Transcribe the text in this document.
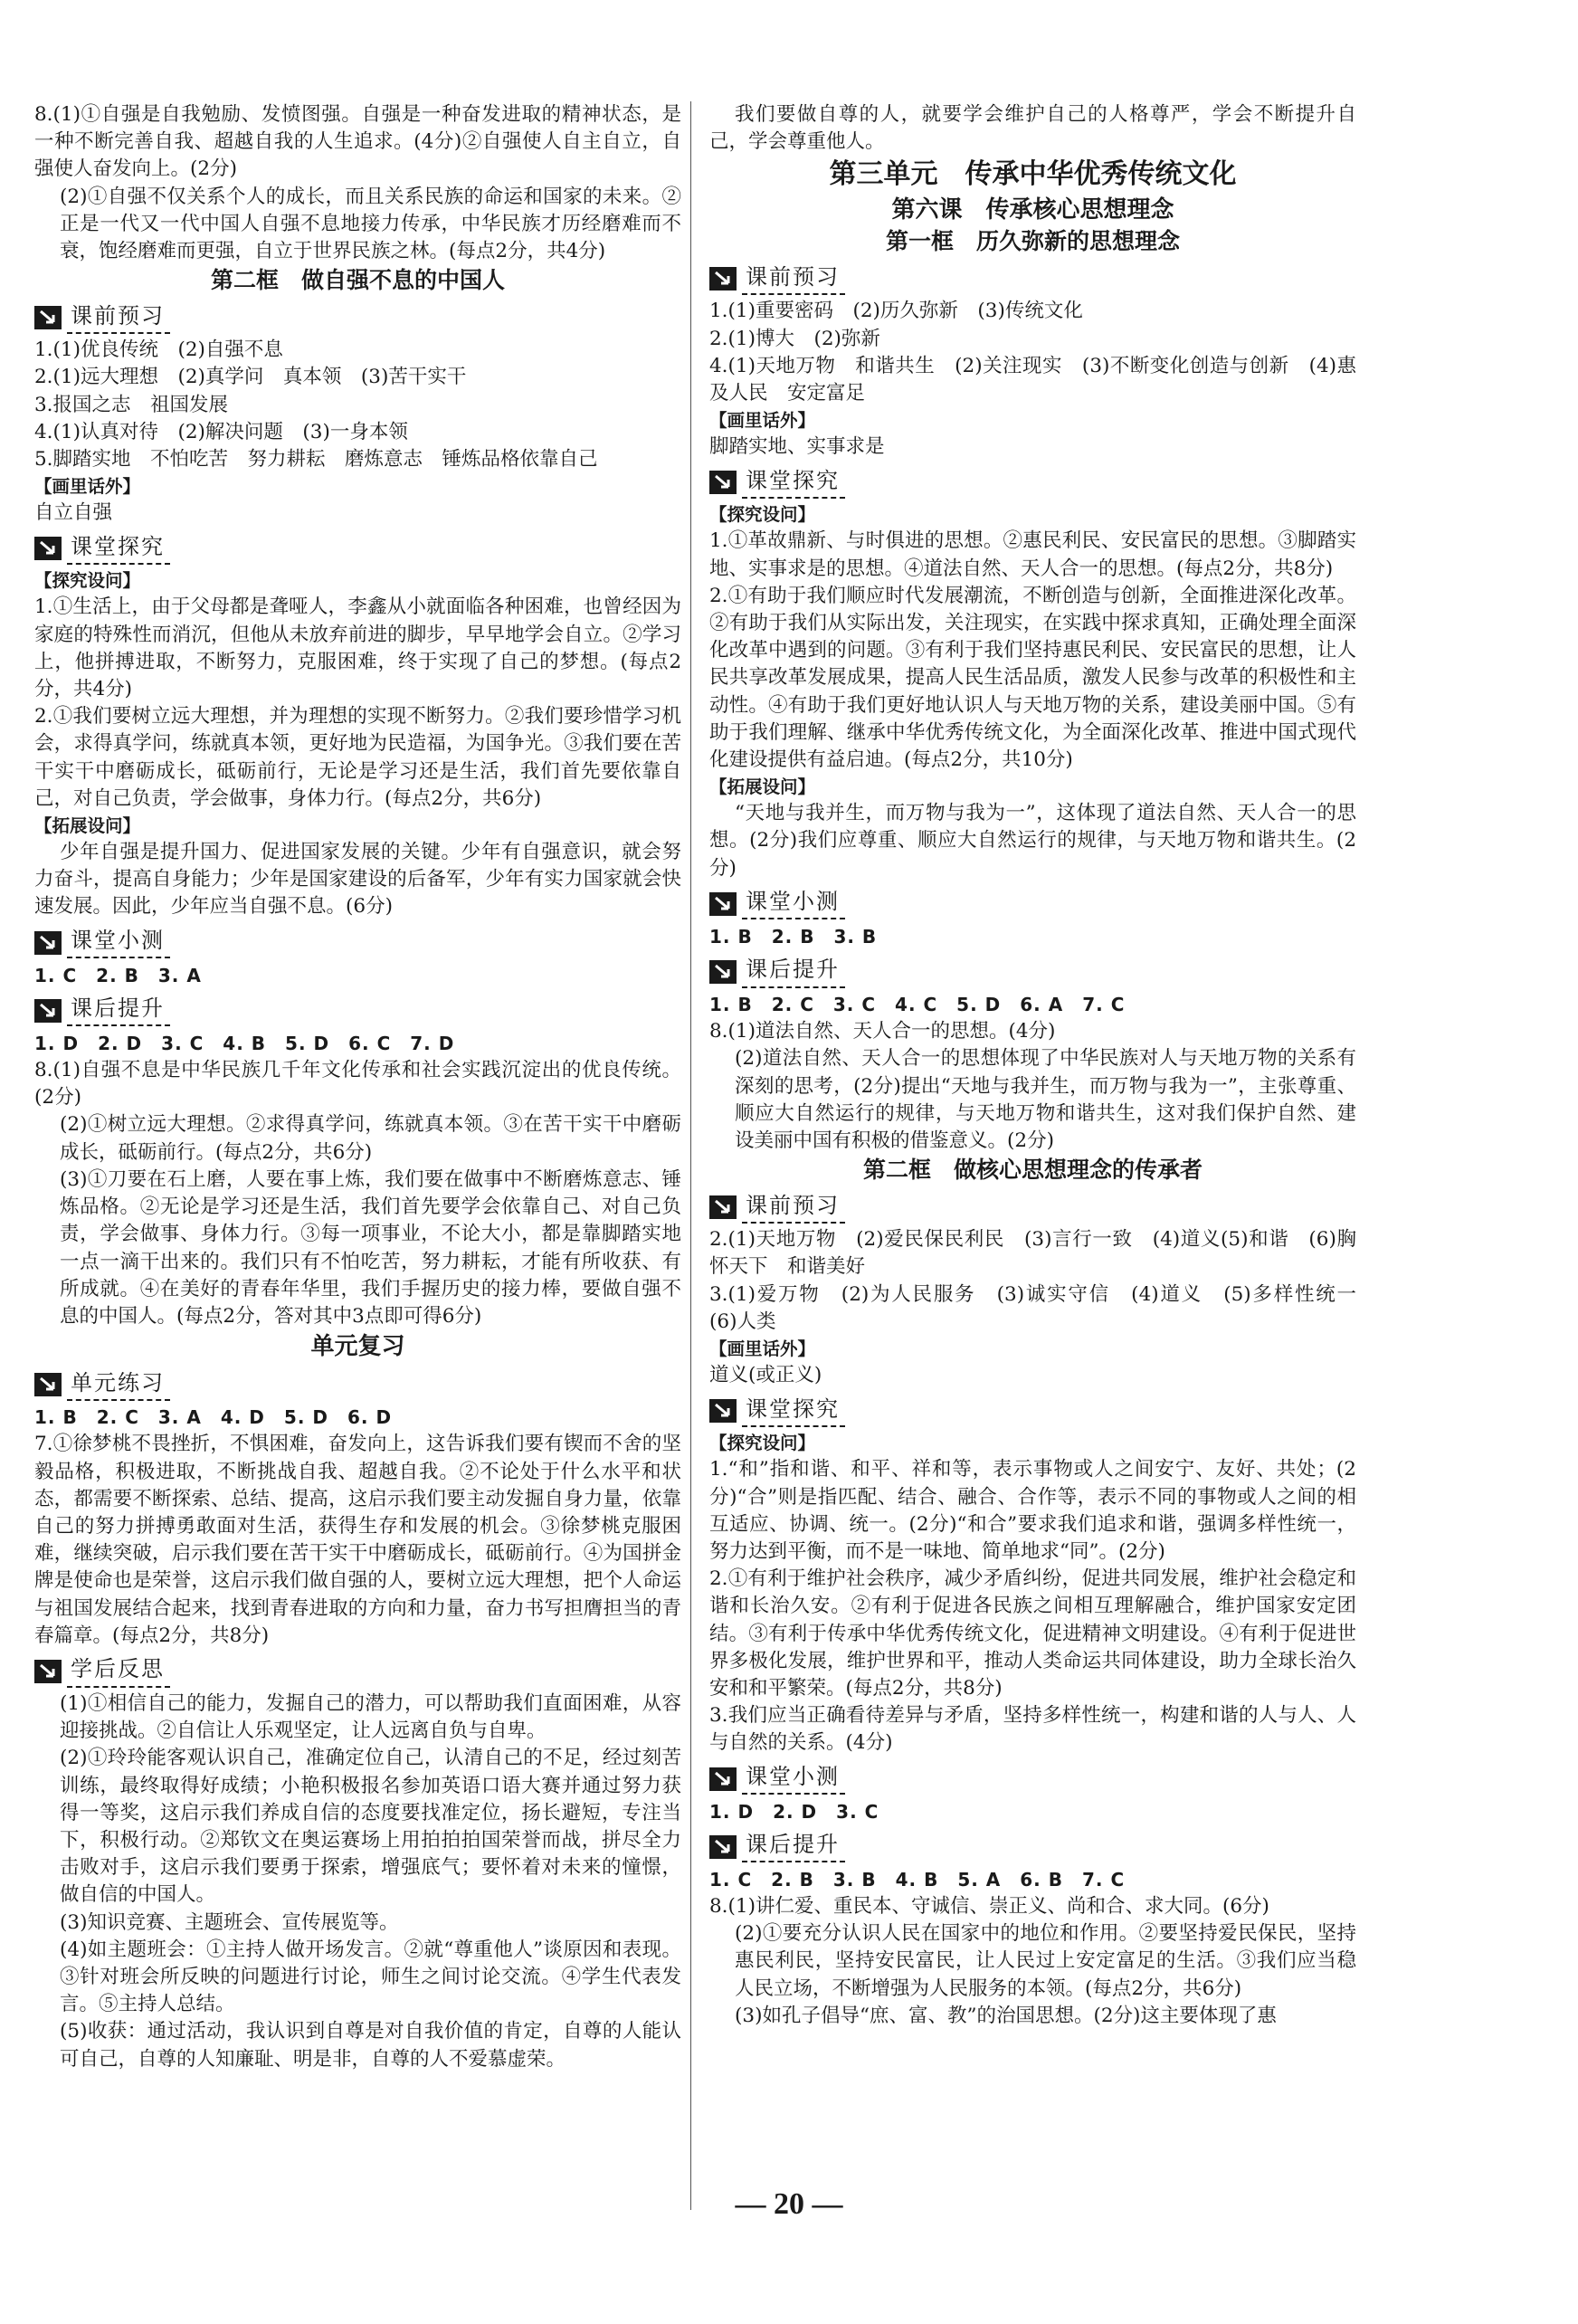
8.(1)①自强是自我勉励、发愤图强。自强是一种奋发进取的精神状态，是一种不断完善自我、超越自我的人生追求。(4分)②自强使人自主自立，自强使人奋发向上。(2分)

(2)①自强不仅关系个人的成长，而且关系民族的命运和国家的未来。②正是一代又一代中国人自强不息地接力传承，中华民族才历经磨难而不衰，饱经磨难而更强，自立于世界民族之林。(每点2分，共4分)

第二框　做自强不息的中国人

课前预习

1.(1)优良传统　(2)自强不息

2.(1)远大理想　(2)真学问　真本领　(3)苦干实干

3.报国之志　祖国发展

4.(1)认真对待　(2)解决问题　(3)一身本领

5.脚踏实地　不怕吃苦　努力耕耘　磨炼意志　锤炼品格依靠自己

【画里话外】

自立自强

课堂探究

【探究设问】

1.①生活上，由于父母都是聋哑人，李鑫从小就面临各种困难，也曾经因为家庭的特殊性而消沉，但他从未放弃前进的脚步，早早地学会自立。②学习上，他拼搏进取，不断努力，克服困难，终于实现了自己的梦想。(每点2分，共4分)

2.①我们要树立远大理想，并为理想的实现不断努力。②我们要珍惜学习机会，求得真学问，练就真本领，更好地为民造福，为国争光。③我们要在苦干实干中磨砺成长，砥砺前行，无论是学习还是生活，我们首先要依靠自己，对自己负责，学会做事，身体力行。(每点2分，共6分)

【拓展设问】

少年自强是提升国力、促进国家发展的关键。少年有自强意识，就会努力奋斗，提高自身能力；少年是国家建设的后备军，少年有实力国家就会快速发展。因此，少年应当自强不息。(6分)

课堂小测

1. C　2. B　3. A

课后提升

1. D　2. D　3. C　4. B　5. D　6. C　7. D

8.(1)自强不息是中华民族几千年文化传承和社会实践沉淀出的优良传统。(2分)

(2)①树立远大理想。②求得真学问，练就真本领。③在苦干实干中磨砺成长，砥砺前行。(每点2分，共6分)

(3)①刀要在石上磨，人要在事上炼，我们要在做事中不断磨炼意志、锤炼品格。②无论是学习还是生活，我们首先要学会依靠自己、对自己负责，学会做事、身体力行。③每一项事业，不论大小，都是靠脚踏实地一点一滴干出来的。我们只有不怕吃苦，努力耕耘，才能有所收获、有所成就。④在美好的青春年华里，我们手握历史的接力棒，要做自强不息的中国人。(每点2分，答对其中3点即可得6分)

单元复习

单元练习

1. B　2. C　3. A　4. D　5. D　6. D

7.①徐梦桃不畏挫折，不惧困难，奋发向上，这告诉我们要有锲而不舍的坚毅品格，积极进取，不断挑战自我、超越自我。②不论处于什么水平和状态，都需要不断探索、总结、提高，这启示我们要主动发掘自身力量，依靠自己的努力拼搏勇敢面对生活，获得生存和发展的机会。③徐梦桃克服困难，继续突破，启示我们要在苦干实干中磨砺成长，砥砺前行。④为国拼金牌是使命也是荣誉，这启示我们做自强的人，要树立远大理想，把个人命运与祖国发展结合起来，找到青春进取的方向和力量，奋力书写担膺担当的青春篇章。(每点2分，共8分)

学后反思

(1)①相信自己的能力，发掘自己的潜力，可以帮助我们直面困难，从容迎接挑战。②自信让人乐观坚定，让人远离自负与自卑。

(2)①玲玲能客观认识自己，准确定位自己，认清自己的不足，经过刻苦训练，最终取得好成绩；小艳积极报名参加英语口语大赛并通过努力获得一等奖，这启示我们养成自信的态度要找准定位，扬长避短，专注当下，积极行动。②郑钦文在奥运赛场上用拍拍拍国荣誉而战，拼尽全力击败对手，这启示我们要勇于探索，增强底气；要怀着对未来的憧憬，做自信的中国人。

(3)知识竞赛、主题班会、宣传展览等。

(4)如主题班会：①主持人做开场发言。②就“尊重他人”谈原因和表现。③针对班会所反映的问题进行讨论，师生之间讨论交流。④学生代表发言。⑤主持人总结。

(5)收获：通过活动，我认识到自尊是对自我价值的肯定，自尊的人能认可自己，自尊的人知廉耻、明是非，自尊的人不爱慕虚荣。

我们要做自尊的人，就要学会维护自己的人格尊严，学会不断提升自己，学会尊重他人。

第三单元　传承中华优秀传统文化

第六课　传承核心思想理念

第一框　历久弥新的思想理念

课前预习

1.(1)重要密码　(2)历久弥新　(3)传统文化

2.(1)博大　(2)弥新

4.(1)天地万物　和谐共生　(2)关注现实　(3)不断变化创造与创新　(4)惠及人民　安定富足

【画里话外】

脚踏实地、实事求是

课堂探究

【探究设问】

1.①革故鼎新、与时俱进的思想。②惠民利民、安民富民的思想。③脚踏实地、实事求是的思想。④道法自然、天人合一的思想。(每点2分，共8分)

2.①有助于我们顺应时代发展潮流，不断创造与创新，全面推进深化改革。②有助于我们从实际出发，关注现实，在实践中探求真知，正确处理全面深化改革中遇到的问题。③有利于我们坚持惠民利民、安民富民的思想，让人民共享改革发展成果，提高人民生活品质，激发人民参与改革的积极性和主动性。④有助于我们更好地认识人与天地万物的关系，建设美丽中国。⑤有助于我们理解、继承中华优秀传统文化，为全面深化改革、推进中国式现代化建设提供有益启迪。(每点2分，共10分)

【拓展设问】

“天地与我并生，而万物与我为一”，这体现了道法自然、天人合一的思想。(2分)我们应尊重、顺应大自然运行的规律，与天地万物和谐共生。(2分)

课堂小测

1. B　2. B　3. B

课后提升

1. B　2. C　3. C　4. C　5. D　6. A　7. C

8.(1)道法自然、天人合一的思想。(4分)

(2)道法自然、天人合一的思想体现了中华民族对人与天地万物的关系有深刻的思考，(2分)提出“天地与我并生，而万物与我为一”，主张尊重、顺应大自然运行的规律，与天地万物和谐共生，这对我们保护自然、建设美丽中国有积极的借鉴意义。(2分)

第二框　做核心思想理念的传承者

课前预习

2.(1)天地万物　(2)爱民保民利民　(3)言行一致　(4)道义(5)和谐　(6)胸怀天下　和谐美好

3.(1)爱万物　(2)为人民服务　(3)诚实守信　(4)道义　(5)多样性统一　(6)人类

【画里话外】

道义(或正义)

课堂探究

【探究设问】

1.“和”指和谐、和平、祥和等，表示事物或人之间安宁、友好、共处；(2分)“合”则是指匹配、结合、融合、合作等，表示不同的事物或人之间的相互适应、协调、统一。(2分)“和合”要求我们追求和谐，强调多样性统一，努力达到平衡，而不是一味地、简单地求“同”。(2分)

2.①有利于维护社会秩序，减少矛盾纠纷，促进共同发展，维护社会稳定和谐和长治久安。②有利于促进各民族之间相互理解融合，维护国家安定团结。③有利于传承中华优秀传统文化，促进精神文明建设。④有利于促进世界多极化发展，维护世界和平，推动人类命运共同体建设，助力全球长治久安和和平繁荣。(每点2分，共8分)

3.我们应当正确看待差异与矛盾，坚持多样性统一，构建和谐的人与人、人与自然的关系。(4分)

课堂小测

1. D　2. D　3. C

课后提升

1. C　2. B　3. B　4. B　5. A　6. B　7. C

8.(1)讲仁爱、重民本、守诚信、崇正义、尚和合、求大同。(6分)

(2)①要充分认识人民在国家中的地位和作用。②要坚持爱民保民，坚持惠民利民，坚持安民富民，让人民过上安定富足的生活。③我们应当稳人民立场，不断增强为人民服务的本领。(每点2分，共6分)

(3)如孔子倡导“庶、富、教”的治国思想。(2分)这主要体现了惠

— 20 —
